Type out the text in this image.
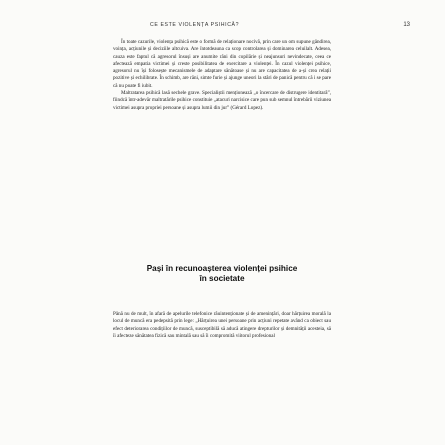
CE ESTE VIOLENȚA PSIHICĂ?	13

În toate cazurile, violența psihică este o formă de relaționare nocivă, prin care un om supune gândirea, voința, acțiunile și deciziile altcuiva. Are întotdeauna ca scop controlarea și dominarea celuilalt. Adesea, cauza este faptul că agresorul însuși are anumite răni din copilărie și neajunsuri nevindecate, ceea ce afectează empatia victimei și creste posibilitatea de exercitare a violenței. În cazul violenței psihice, agresorul nu își folosește mecanismele de adaptare sănătoase și nu are capacitatea de a-și crea relații pozitive și echilibrate. În schimb, are răni, simte furie și ajunge uneori la stări de panică pentru că i se pare că nu poate fi iubit.

Maltratarea psihică lasă sechele grave. Specialiștii menționează „o încercare de distrugere identitară”, fiindcă într-adevăr maltratările psihice constituie „atacuri narcisice care pun sub semnul întrebării viziunea victimei asupra propriei persoane și asupra lumii din jur” (Gérard Lopez).

Pași în recunoașterea violenței psihice
în societate

Până nu de mult, în afară de apelurile telefonice răuintenționate și de amenințări, doar hărțuirea morală la locul de muncă era pedepsită prin lege: „Hărțuirea unei persoane prin acțiuni repetate având ca obiect sau efect deteriorarea condițiilor de muncă, susceptibilă să aducă atingere drepturilor și demnității acesteia, să îi afecteze sănătatea fizică sau mintală sau să îi compromită viitorul profesional
